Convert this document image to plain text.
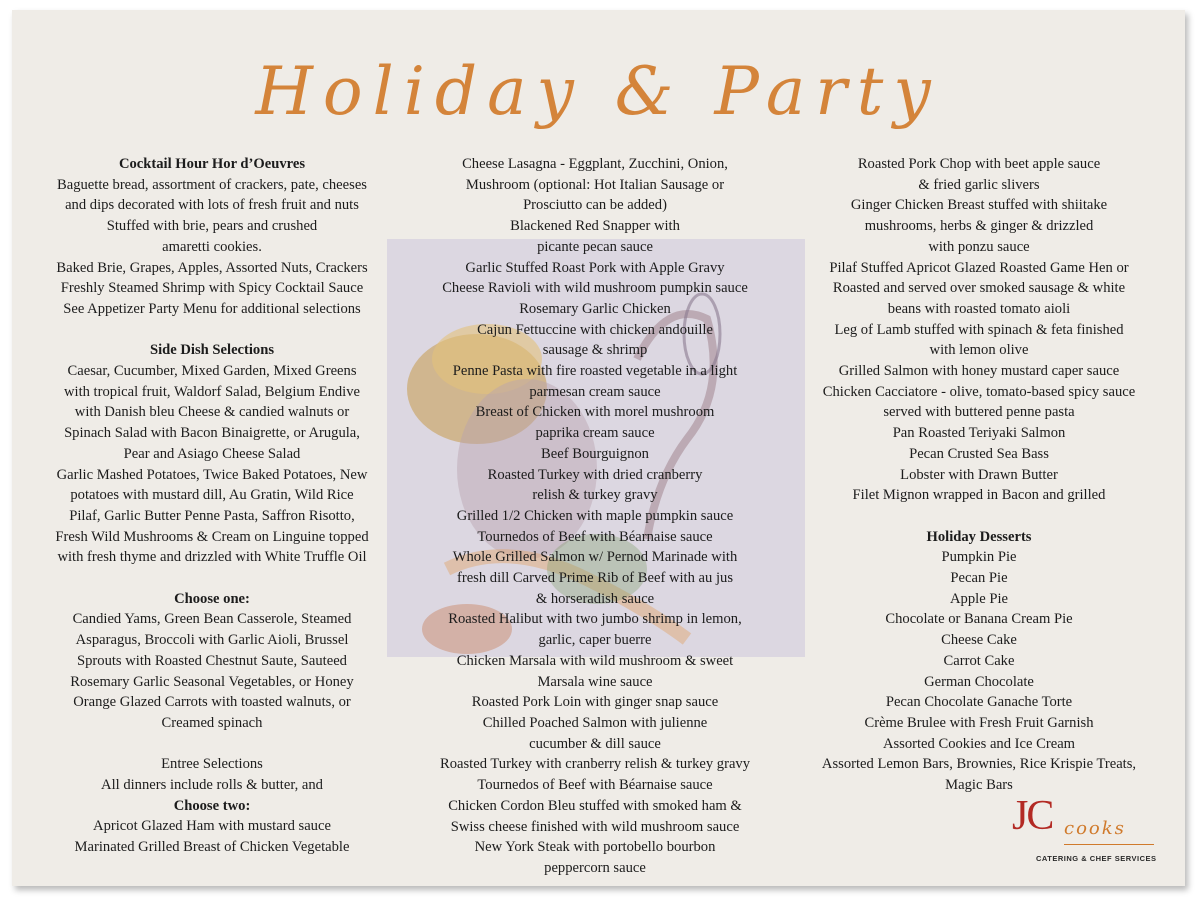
Holiday & Party
Cocktail Hour Hor d’Oeuvres
Baguette bread, assortment of crackers, pate, cheeses
and dips decorated with lots of fresh fruit and nuts
Stuffed with brie, pears and crushed
amaretti cookies.
Baked Brie, Grapes, Apples, Assorted Nuts, Crackers
Freshly Steamed Shrimp with Spicy Cocktail Sauce
See Appetizer Party Menu for additional selections
Side Dish Selections
Caesar, Cucumber, Mixed Garden, Mixed Greens
with tropical fruit, Waldorf Salad, Belgium Endive
with Danish bleu Cheese & candied walnuts or
Spinach Salad with Bacon Binaigrette, or Arugula,
Pear and Asiago Cheese Salad
Garlic Mashed Potatoes, Twice Baked Potatoes, New
potatoes with mustard dill, Au Gratin, Wild Rice
Pilaf, Garlic Butter Penne Pasta, Saffron Risotto,
Fresh Wild Mushrooms & Cream on Linguine topped
with fresh thyme and drizzled with White Truffle Oil
Choose one:
Candied Yams, Green Bean Casserole, Steamed
Asparagus, Broccoli with Garlic Aioli, Brussel
Sprouts with Roasted Chestnut Saute, Sauteed
Rosemary Garlic Seasonal Vegetables, or Honey
Orange Glazed Carrots with toasted walnuts, or
Creamed spinach
Entree Selections
All dinners include rolls & butter, and
Choose two:
Apricot Glazed Ham with mustard sauce
Marinated Grilled Breast of Chicken Vegetable
Cheese Lasagna - Eggplant, Zucchini, Onion,
Mushroom (optional: Hot Italian Sausage or
Prosciutto can be added)
Blackened Red Snapper with
picante pecan sauce
Garlic Stuffed Roast Pork with Apple Gravy
Cheese Ravioli with wild mushroom pumpkin sauce
Rosemary Garlic Chicken
Cajun Fettuccine with chicken andouille
sausage & shrimp
Penne Pasta with fire roasted vegetable in a light
parmesan cream sauce
Breast of Chicken with morel mushroom
paprika cream sauce
Beef Bourguignon
Roasted Turkey with dried cranberry
relish & turkey gravy
Grilled 1/2 Chicken with maple pumpkin sauce
Tournedos of Beef with Béarnaise sauce
Whole Grilled Salmon w/ Pernod Marinade with
fresh dill Carved Prime Rib of Beef with au jus
& horseradish sauce
Roasted Halibut with two jumbo shrimp in lemon,
garlic, caper buerre
Chicken Marsala with wild mushroom & sweet
Marsala wine sauce
Roasted Pork Loin with ginger snap sauce
Chilled Poached Salmon with julienne
cucumber & dill sauce
Roasted Turkey with cranberry relish & turkey gravy
Tournedos of Beef with Béarnaise sauce
Chicken Cordon Bleu stuffed with smoked ham &
Swiss cheese finished with wild mushroom sauce
New York Steak with portobello bourbon
peppercorn sauce
Roasted Pork Chop with beet apple sauce
& fried garlic slivers
Ginger Chicken Breast stuffed with shiitake
mushrooms, herbs & ginger & drizzled
with ponzu sauce
Pilaf Stuffed Apricot Glazed Roasted Game Hen or
Roasted and served over smoked sausage & white
beans with roasted tomato aioli
Leg of Lamb stuffed with spinach & feta finished
with lemon olive
Grilled Salmon with honey mustard caper sauce
Chicken Cacciatore - olive, tomato-based spicy sauce
served with buttered penne pasta
Pan Roasted Teriyaki Salmon
Pecan Crusted Sea Bass
Lobster with Drawn Butter
Filet Mignon wrapped in Bacon and grilled
Holiday Desserts
Pumpkin Pie
Pecan Pie
Apple Pie
Chocolate or Banana Cream Pie
Cheese Cake
Carrot Cake
German Chocolate
Pecan Chocolate Ganache Torte
Crème Brulee with Fresh Fruit Garnish
Assorted Cookies and Ice Cream
Assorted Lemon Bars, Brownies, Rice Krispie Treats,
Magic Bars
JC cooks
CATERING & CHEF SERVICES
